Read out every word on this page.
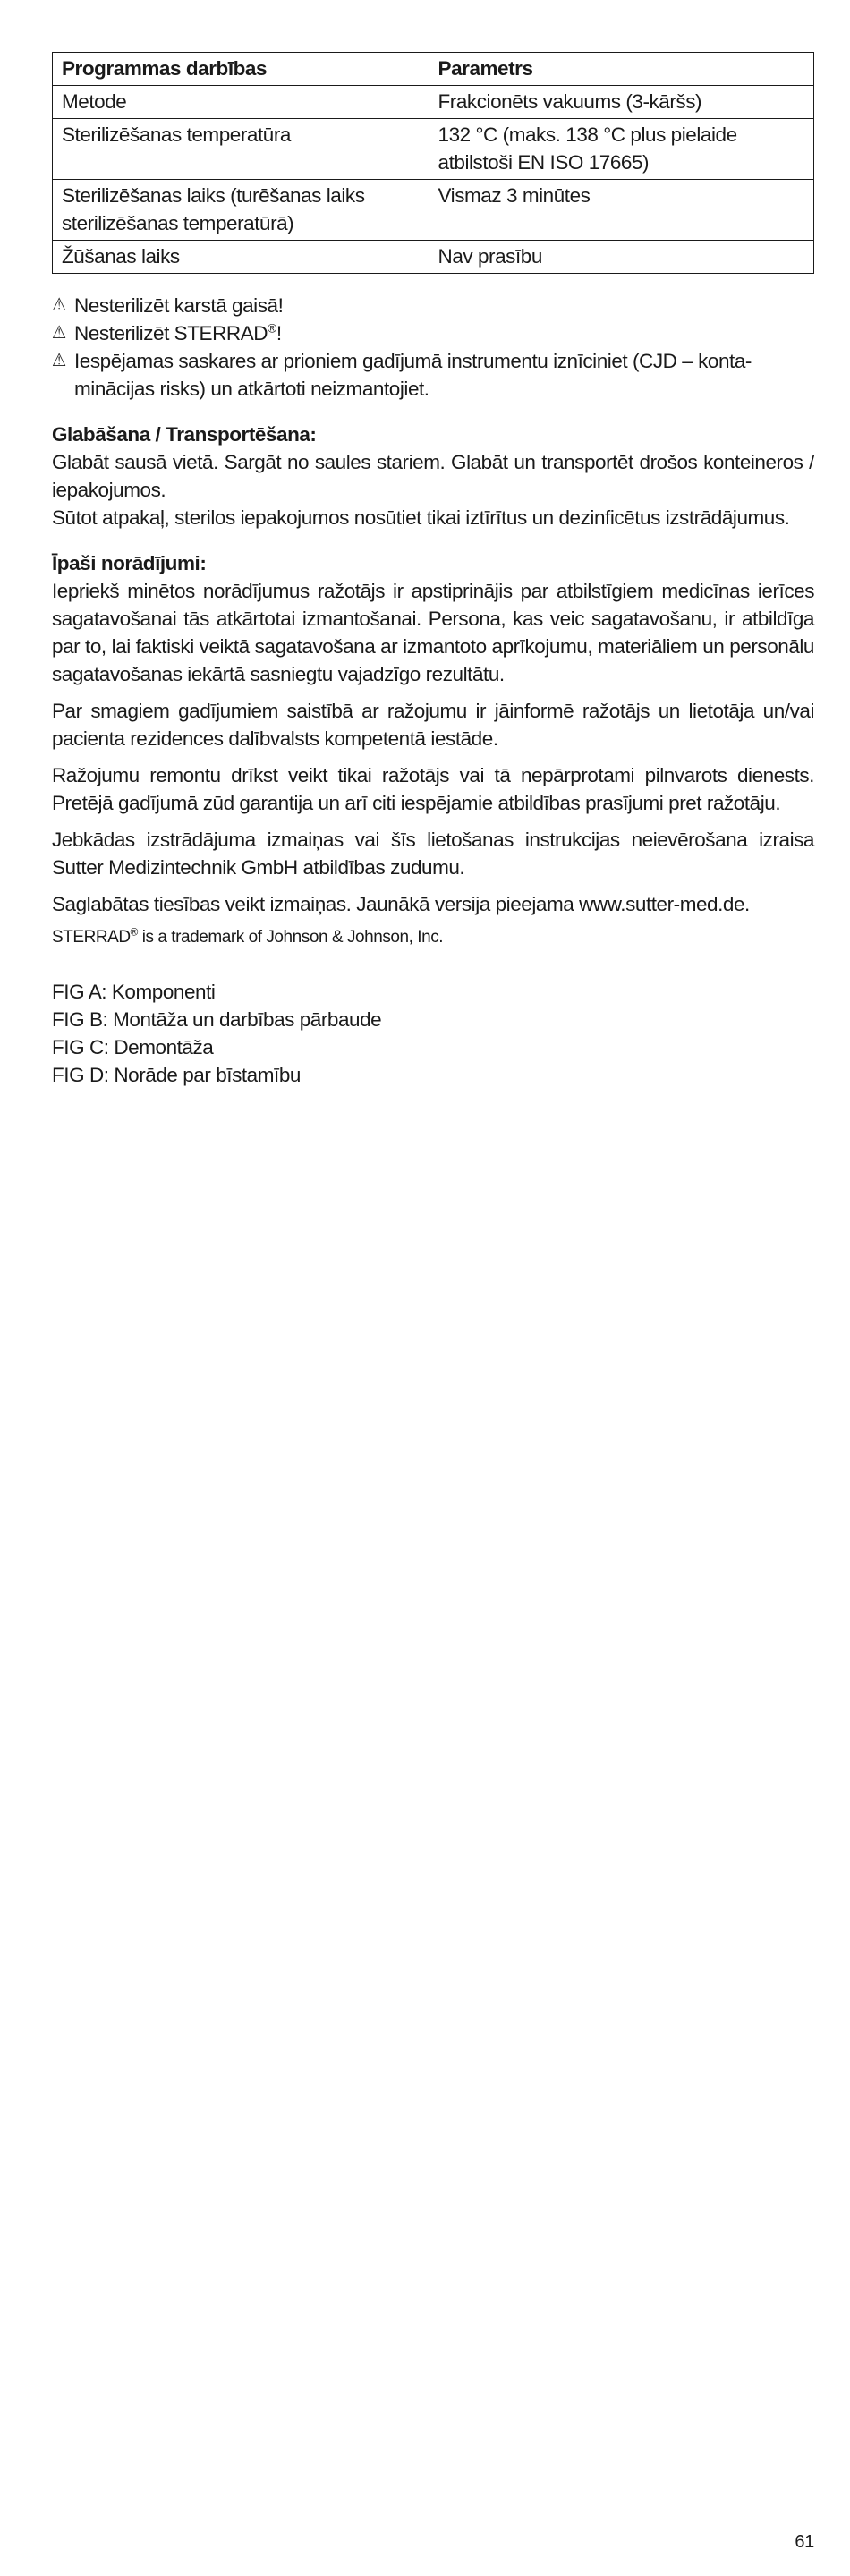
Programmas darbības	Parametrs
Metode	Frakcionēts vakuums (3-kāršs)
Sterilizēšanas temperatūra	132 °C (maks. 138 °C plus pielaide atbilstoši EN ISO 17665)
Sterilizēšanas laiks (turēšanas laiks sterilizēšanas temperatūrā)	Vismaz 3 minūtes
Žūšanas laiks	Nav prasību
⚠ Nesterilizēt karstā gaisā!
⚠ Nesterilizēt STERRAD®!
⚠ Iespējamas saskares ar prioniem gadījumā instrumentu iznīciniet (CJD – kontaminācijas risks) un atkārtoti neizmantojiet.
Glabāšana / Transportēšana:

Glabāt sausā vietā. Sargāt no saules stariem. Glabāt un transportēt drošos konteineros / iepakojumos.

Sūtot atpakaļ, sterilos iepakojumos nosūtiet tikai iztīrītus un dezinficētus izstrādājumus.

Īpaši norādījumi:

Iepriekš minētos norādījumus ražotājs ir apstiprinājis par atbilstīgiem medicīnas ierīces sagatavošanai tās atkārtotai izmantošanai. Persona, kas veic sagatavošanu, ir atbildīga par to, lai faktiski veiktā sagatavošana ar izmantoto aprīkojumu, materiāliem un personālu sagatavošanas iekārtā sasniegtu vajadzīgo rezultātu.

Par smagiem gadījumiem saistībā ar ražojumu ir jāinformē ražotājs un lietotāja un/vai pacienta rezidences dalībvalsts kompetentā iestāde.

Ražojumu remontu drīkst veikt tikai ražotājs vai tā nepārprotami pilnvarots dienests. Pretējā gadījumā zūd garantija un arī citi iespējamie atbildības prasījumi pret ražotāju.

Jebkādas izstrādājuma izmaiņas vai šīs lietošanas instrukcijas neievērošana izraisa Sutter Medizintechnik GmbH atbildības zudumu.

Saglabātas tiesības veikt izmaiņas. Jaunākā versija pieejama www.sutter-med.de.

STERRAD® is a trademark of Johnson & Johnson, Inc.
FIG A: Komponenti
FIG B: Montāža un darbības pārbaude
FIG C: Demontāža
FIG D: Norāde par bīstamību
61
